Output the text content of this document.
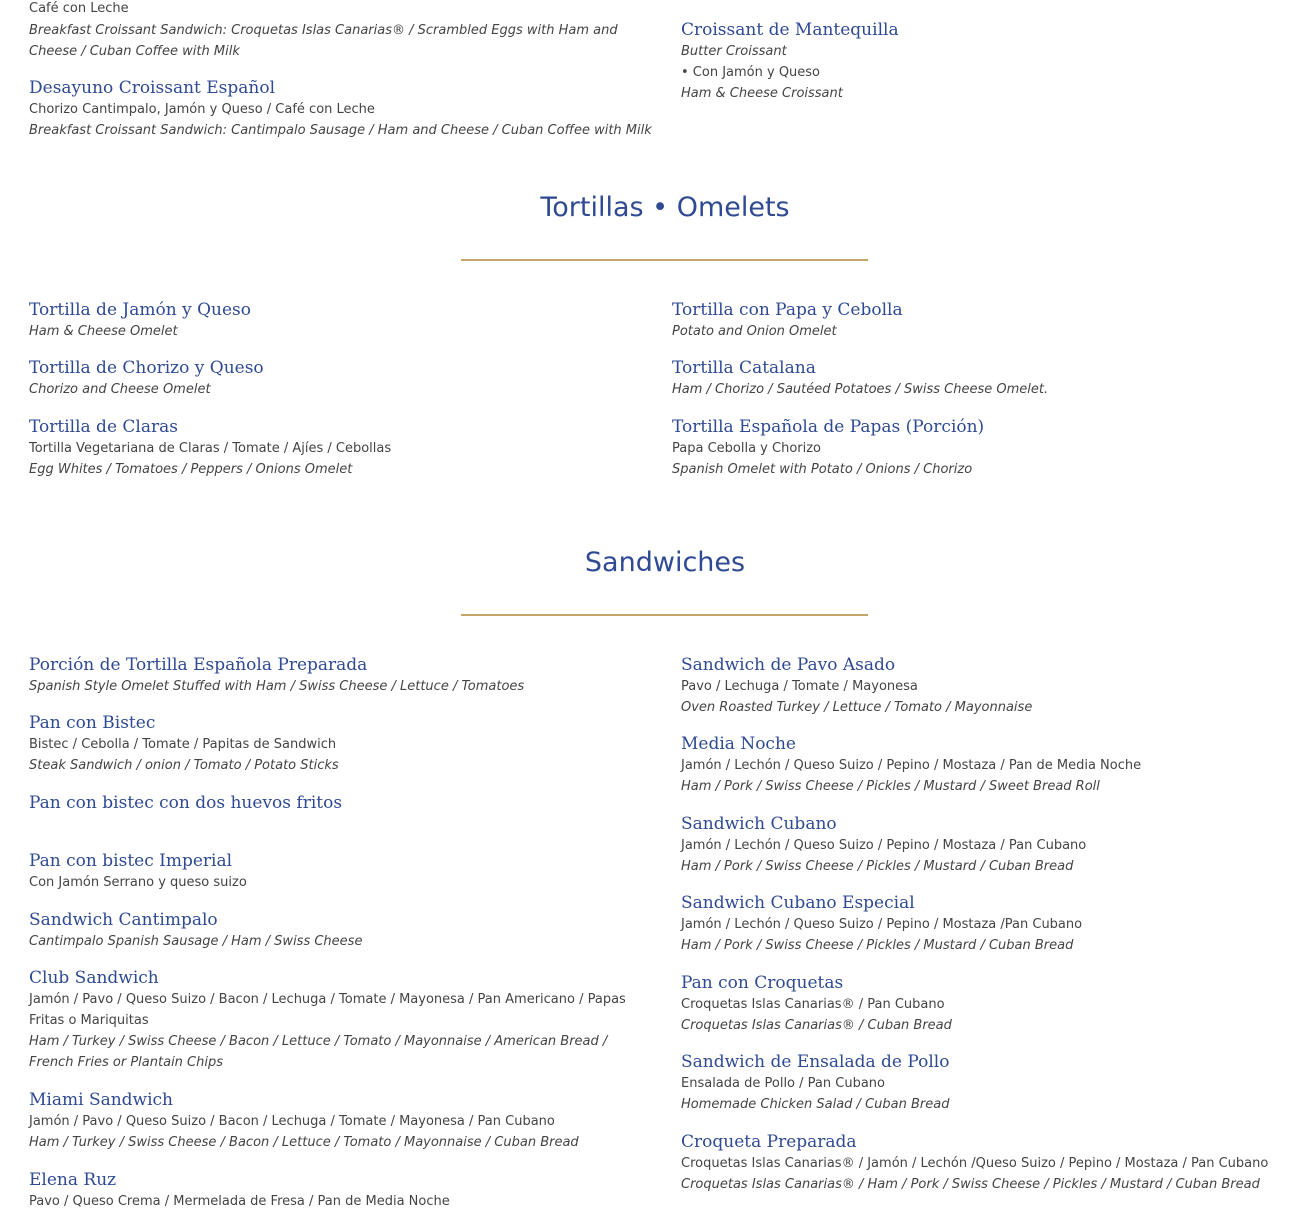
Café con Leche
Breakfast Croissant Sandwich: Croquetas Islas Canarias® / Scrambled Eggs with Ham and Cheese / Cuban Coffee with Milk
Desayuno Croissant Español
Chorizo Cantimpalo, Jamón y Queso / Café con Leche
Breakfast Croissant Sandwich: Cantimpalo Sausage / Ham and Cheese / Cuban Coffee with Milk
Croissant de Mantequilla
Butter Croissant
• Con Jamón y Queso
Ham & Cheese Croissant
Tortillas • Omelets
Tortilla de Jamón y Queso
Ham & Cheese Omelet
Tortilla de Chorizo y Queso
Chorizo and Cheese Omelet
Tortilla de Claras
Tortilla Vegetariana de Claras / Tomate / Ajíes / Cebollas
Egg Whites / Tomatoes / Peppers / Onions Omelet
Tortilla con Papa y Cebolla
Potato and Onion Omelet
Tortilla Catalana
Ham / Chorizo / Sautéed Potatoes / Swiss Cheese Omelet.
Tortilla Española de Papas (Porción)
Papa Cebolla y Chorizo
Spanish Omelet with Potato / Onions / Chorizo
Sandwiches
Porción de Tortilla Española Preparada
Spanish Style Omelet Stuffed with Ham / Swiss Cheese / Lettuce / Tomatoes
Pan con Bistec
Bistec / Cebolla / Tomate / Papitas de Sandwich
Steak Sandwich / onion / Tomato / Potato Sticks
Pan con bistec con dos huevos fritos
Pan con bistec Imperial
Con Jamón Serrano y queso suizo
Sandwich Cantimpalo
Cantimpalo Spanish Sausage / Ham / Swiss Cheese
Club Sandwich
Jamón / Pavo / Queso Suizo / Bacon / Lechuga / Tomate / Mayonesa / Pan Americano / Papas Fritas o Mariquitas
Ham / Turkey / Swiss Cheese / Bacon / Lettuce / Tomato / Mayonnaise / American Bread / French Fries or Plantain Chips
Miami Sandwich
Jamón / Pavo / Queso Suizo / Bacon / Lechuga / Tomate / Mayonesa / Pan Cubano
Ham / Turkey / Swiss Cheese / Bacon / Lettuce / Tomato / Mayonnaise / Cuban Bread
Elena Ruz
Pavo / Queso Crema / Mermelada de Fresa / Pan de Media Noche
Sandwich de Pavo Asado
Pavo / Lechuga / Tomate / Mayonesa
Oven Roasted Turkey / Lettuce / Tomato / Mayonnaise
Media Noche
Jamón / Lechón / Queso Suizo / Pepino / Mostaza / Pan de Media Noche
Ham / Pork / Swiss Cheese / Pickles / Mustard / Sweet Bread Roll
Sandwich Cubano
Jamón / Lechón / Queso Suizo / Pepino / Mostaza / Pan Cubano
Ham / Pork / Swiss Cheese / Pickles / Mustard / Cuban Bread
Sandwich Cubano Especial
Jamón / Lechón / Queso Suizo / Pepino / Mostaza /Pan Cubano
Ham / Pork / Swiss Cheese / Pickles / Mustard / Cuban Bread
Pan con Croquetas
Croquetas Islas Canarias® / Pan Cubano
Croquetas Islas Canarias® / Cuban Bread
Sandwich de Ensalada de Pollo
Ensalada de Pollo / Pan Cubano
Homemade Chicken Salad / Cuban Bread
Croqueta Preparada
Croquetas Islas Canarias® / Jamón / Lechón /Queso Suizo / Pepino / Mostaza / Pan Cubano
Croquetas Islas Canarias® / Ham / Pork / Swiss Cheese / Pickles / Mustard / Cuban Bread
